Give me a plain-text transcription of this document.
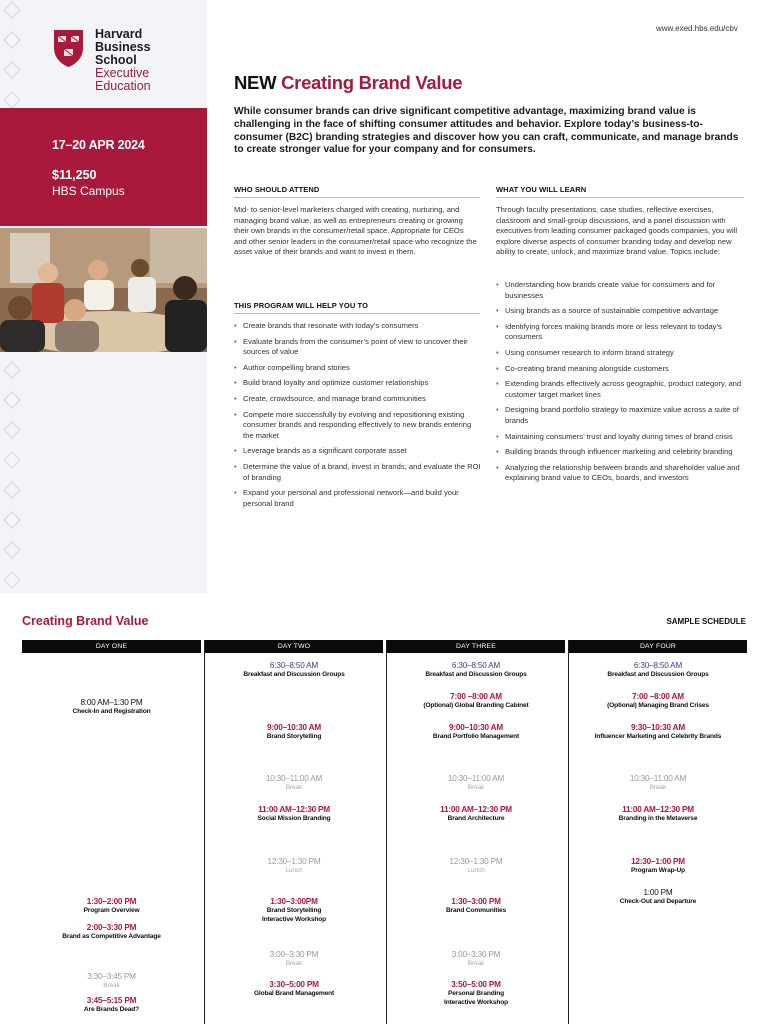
Harvard
Business
School
Executive
Education
17–20 APR 2024
$11,250
HBS Campus
www.exed.hbs.edu/cbv
NEW Creating Brand Value

While consumer brands can drive significant competitive advantage, maximizing brand value is challenging in the face of shifting consumer attitudes and behavior. Explore today’s business-to-consumer (B2C) branding strategies and discover how you can craft, communicate, and manage brands to create stronger value for your company and for consumers.

WHO SHOULD ATTEND

Mid- to senior-level marketers charged with creating, nurturing, and managing brand value, as well as entrepreneurs creating or growing their own brands in the consumer/retail space. Appropriate for CEOs and other senior leaders in the consumer/retail space who recognize the asset value of their brands and want to invest in them.

THIS PROGRAM WILL HELP YOU TO
• Create brands that resonate with today’s consumers
• Evaluate brands from the consumer’s point of view to uncover their sources of value
• Author compelling brand stories
• Build brand loyalty and optimize customer relationships
• Create, crowdsource, and manage brand communities
• Compete more successfully by evolving and repositioning existing consumer brands and responding effectively to new brands entering the market
• Leverage brands as a significant corporate asset
• Determine the value of a brand, invest in brands, and evaluate the ROI of branding
• Expand your personal and professional network—and build your personal brand
WHAT YOU WILL LEARN

Through faculty presentations, case studies, reflective exercises, classroom and small-group discussions, and a panel discussion with executives from leading consumer packaged goods companies, you will explore diverse aspects of consumer branding today and develop new ability to create, unlock, and maximize brand value. Topics include:

• Understanding how brands create value for consumers and for businesses
• Using brands as a source of sustainable competitive advantage
• Identifying forces making brands more or less relevant to today’s consumers
• Using consumer research to inform brand strategy
• Co-creating brand meaning alongside customers
• Extending brands effectively across geographic, product category, and customer target market lines
• Designing brand portfolio strategy to maximize value across a suite of brands
• Maintaining consumers’ trust and loyalty during times of brand crisis
• Building brands through influencer marketing and celebrity branding
• Analyzing the relationship between brands and shareholder value and explaining brand value to CEOs, boards, and investors
Creating Brand Value	SAMPLE SCHEDULE
DAY ONE
8:00 AM–1:30 PM
Check-In and Registration
1:30–2:00 PM
Program Overview
2:00–3:30 PM
Brand as Competitive Advantage
3:30–3:45 PM
Break
3:45–5:15 PM
Are Brands Dead?
DAY TWO
6:30–8:50 AM
Breakfast and Discussion Groups
9:00–10:30 AM
Brand Storytelling
10:30–11:00 AM
Break
11:00 AM–12:30 PM
Social Mission Branding
12:30–1:30 PM
Lunch
1:30–3:00PM
Brand Storytelling Interactive Workshop
3:00–3:30 PM
Break
3:30–5:00 PM
Global Brand Management
DAY THREE
6:30–8:50 AM
Breakfast and Discussion Groups
7:00 –8:00 AM
(Optional) Global Branding Cabinet
9:00–10:30 AM
Brand Portfolio Management
10:30–11:00 AM
Break
11:00 AM–12:30 PM
Brand Architecture
12:30–1:30 PM
Lunch
1:30–3:00 PM
Brand Communities
3:00–3:30 PM
Break
3:50–5:00 PM
Personal Branding Interactive Workshop
DAY FOUR
6:30–8:50 AM
Breakfast and Discussion Groups
7:00 –8:00 AM
(Optional) Managing Brand Crises
9:30–10:30 AM
Influencer Marketing and Celebrity Brands
10:30–11:00 AM
Break
11:00 AM–12:30 PM
Branding in the Metaverse
12:30–1:00 PM
Program Wrap-Up
1:00 PM
Check-Out and Departure
